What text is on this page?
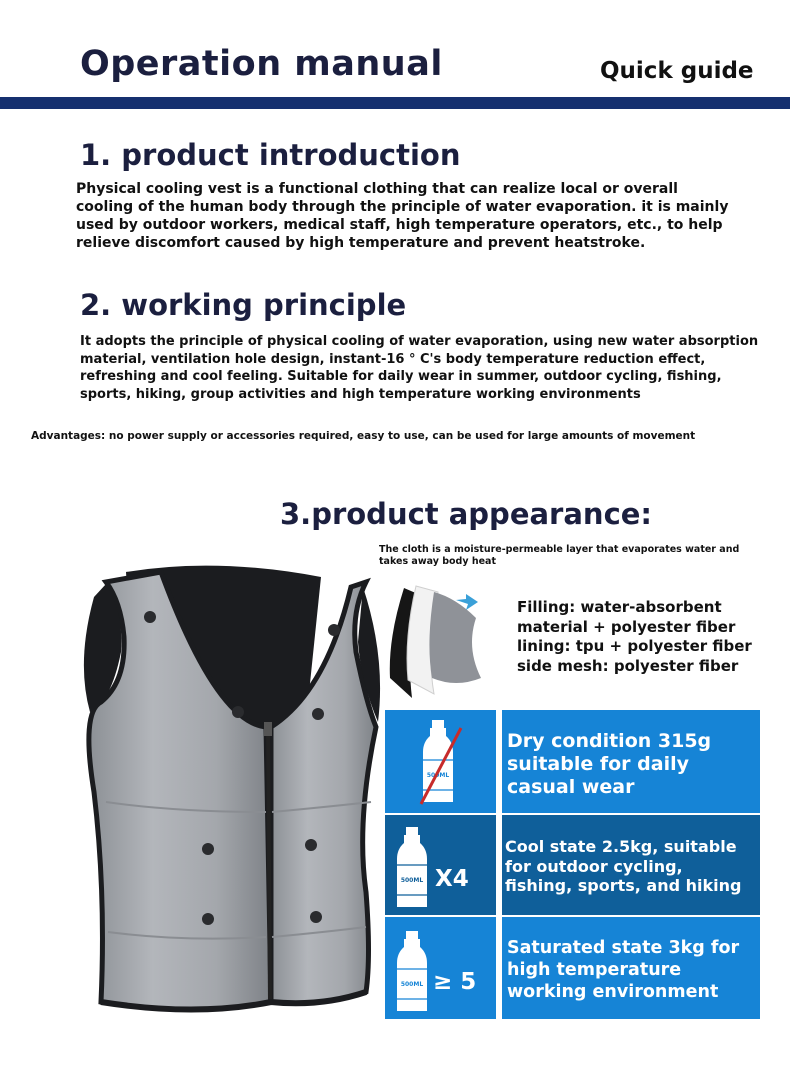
Operation manual	Quick guide
1. product introduction
Physical cooling vest is a functional clothing that can realize local or overall
cooling of the human body through the principle of water evaporation. it is mainly
used by outdoor workers, medical staff, high temperature operators, etc., to help
relieve discomfort caused by high temperature and prevent heatstroke.
2. working principle
It adopts the principle of physical cooling of water evaporation, using new water absorption
material, ventilation hole design, instant-16 ° C's body temperature reduction effect,
refreshing and cool feeling. Suitable for daily wear in summer, outdoor cycling, fishing,
sports, hiking, group activities and high temperature working environments
Advantages: no power supply or accessories required, easy to use, can be used for large amounts of movement
3.product appearance:
The cloth is a moisture-permeable layer that evaporates water and takes away body heat
Filling: water-absorbent
material + polyester fiber
lining: tpu + polyester fiber
side mesh: polyester fiber
500ML
Dry condition 315g
suitable for daily
casual wear
500ML X4
Cool state 2.5kg, suitable
for outdoor cycling,
fishing, sports, and hiking
500ML ≥ 5
Saturated state 3kg for
high temperature
working environment
